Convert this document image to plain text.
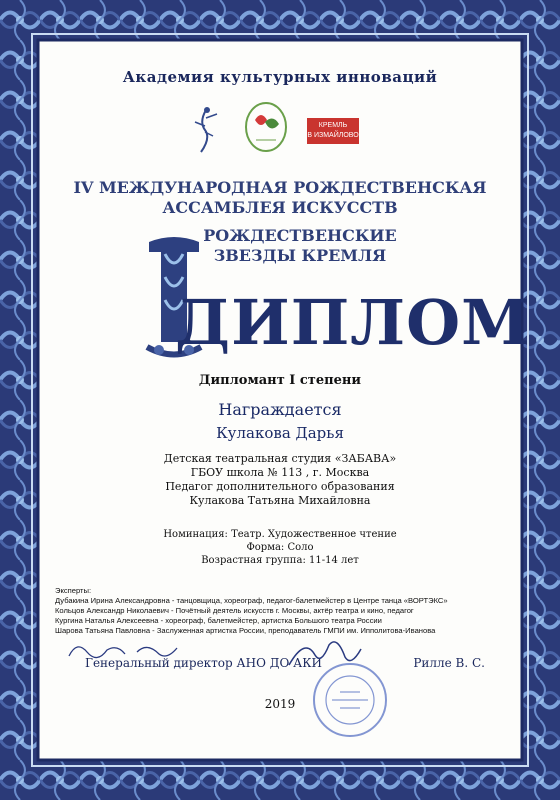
Академия культурных инноваций
КРЕМЛЬ
В ИЗМАЙЛОВО
IV МЕЖДУНАРОДНАЯ РОЖДЕСТВЕНСКАЯ
АССАМБЛЕЯ ИСКУССТВ
РОЖДЕСТВЕНСКИЕ
ЗВЕЗДЫ КРЕМЛЯ
ДИПЛОМ
Дипломант I степени
Награждается
Кулакова Дарья
Детская театральная студия «ЗАБАВА»
ГБОУ школа № 113 , г. Москва
Педагог дополнительного образования
Кулакова Татьяна Михайловна
Номинация: Театр. Художественное чтение
Форма: Соло
Возрастная группа: 11-14 лет
Эксперты:
Дубакина Ирина Александровна - танцовщица, хореограф, педагог-балетмейстер в Центре танца «ВОРТЭКС»
Кольцов Александр Николаевич - Почётный деятель искусств г. Москвы, актёр театра и кино, педагог
Кургина Наталья Алексеевна - хореограф, балетмейстер, артистка Большого театра России
Шарова Татьяна Павловна - Заслуженная артистка России, преподаватель ГМПИ им. Ипполитова-Иванова
Генеральный директор АНО ДО АКИ	Рилле В. С.
2019
